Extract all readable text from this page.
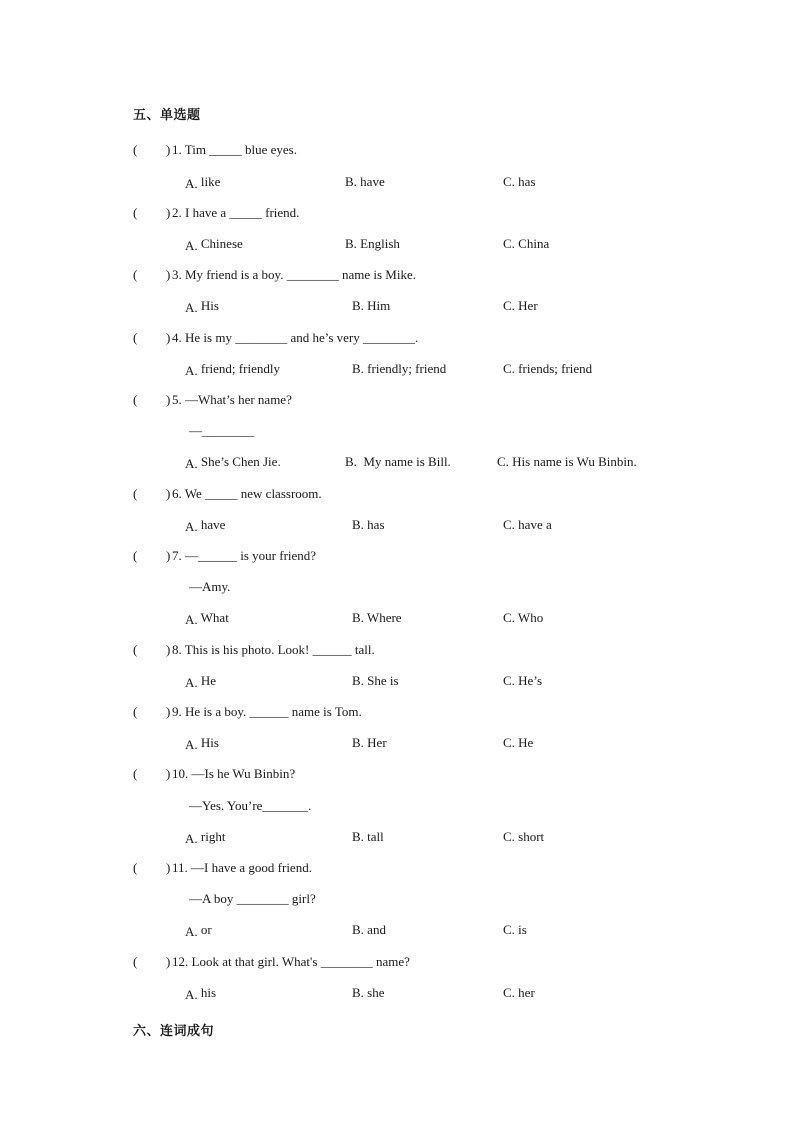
五、单选题
( ) 1. Tim _____ blue eyes.
A. like	B. have	C. has
( ) 2. I have a _____ friend.
A. Chinese	B. English	C. China
( ) 3. My friend is a boy. ________ name is Mike.
A. His	B. Him	C. Her
( ) 4. He is my ________ and he’s very ________.
A. friend; friendly	B. friendly; friend	C. friends; friend
( ) 5. —What’s her name?
—________
A. She’s Chen Jie.	B.  My name is Bill.	C. His name is Wu Binbin.
( ) 6. We _____ new classroom.
A. have	B. has	C. have a
( ) 7. —______ is your friend?
—Amy.
A. What	B. Where	C. Who
( ) 8. This is his photo. Look! ______ tall.
A. He	B. She is	C. He’s
( ) 9. He is a boy. ______ name is Tom.
A. His	B. Her	C. He
( ) 10. —Is he Wu Binbin?
—Yes. You’re_______.
A. right	B. tall	C. short
( ) 11. —I have a good friend.
—A boy ________ girl?
A. or	B. and	C. is
( ) 12. Look at that girl. What's ________ name?
A. his	B. she	C. her
六、连词成句
